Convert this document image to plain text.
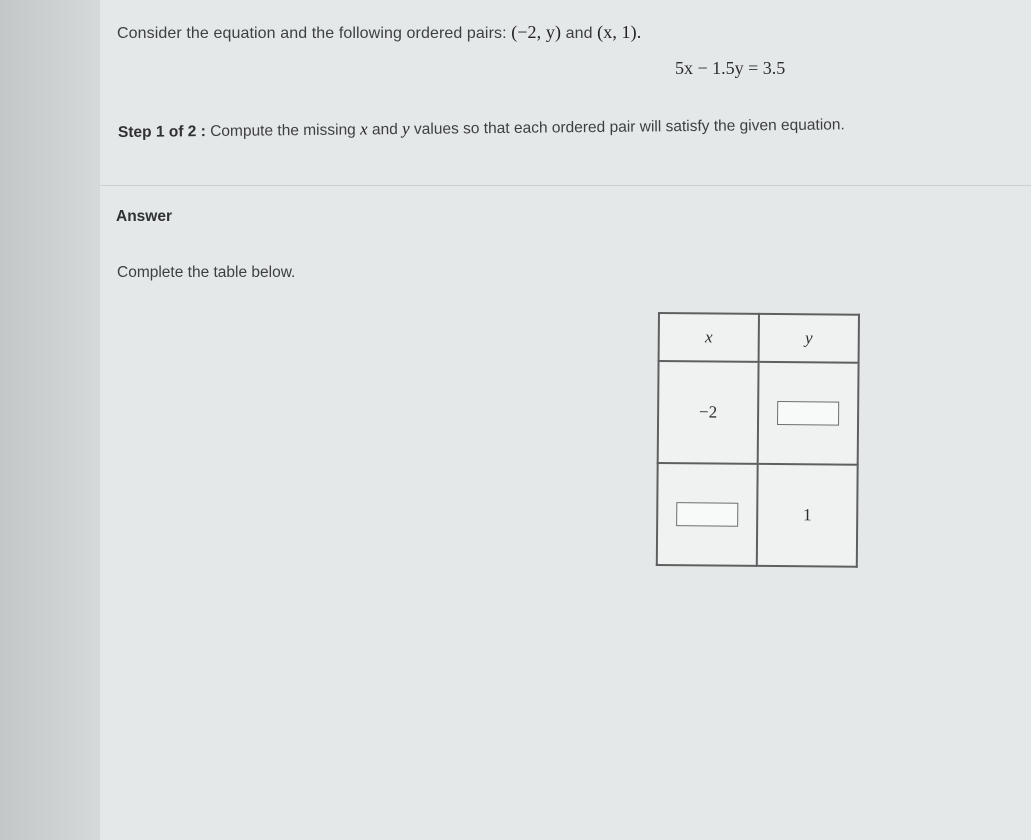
Consider the equation and the following ordered pairs: (−2, y) and (x, 1).
5x − 1.5y = 3.5
Step 1 of 2 : Compute the missing x and y values so that each ordered pair will satisfy the given equation.
Answer
Complete the table below.
x	y
−2	
	1
